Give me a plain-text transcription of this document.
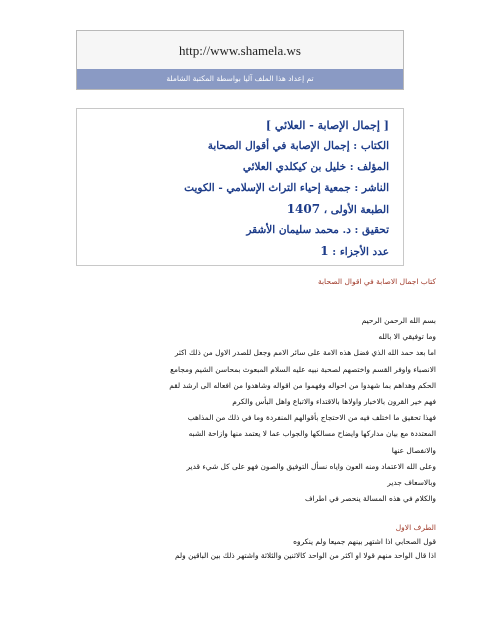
http://www.shamela.ws
تم إعداد هذا الملف آليا بواسطة المكتبة الشاملة
[ إجمال الإصابة - العلائي ]
الكتاب : إجمال الإصابة في أقوال الصحابة
المؤلف : خليل بن كيكلدي العلائي
الناشر : جمعية إحياء التراث الإسلامي - الكويت
الطبعة الأولى ، 1407
تحقيق : د. محمد سليمان الأشقر
عدد الأجزاء : 1
كتاب اجمال الاصابة في اقوال الصحابة
بسم الله الرحمن الرحيم
وما توفيقي الا بالله
اما بعد حمد الله الذي فضل هذه الامة على سائر الامم وجعل للصدر الاول من ذلك اكثر
الانصباء واوفر القسم واختصهم لصحبة نبيه عليه السلام المبعوث بمحاسن الشيم ومجامع
الحكم وهداهم بما شهدوا من احواله وفهموا من اقواله وشاهدوا من افعاله الى ارشد لقم
فهم خير القرون بالاخبار واولاها بالاقتداء والاتباع واهل البأس والكرم
فهذا تحقيق ما اختلف فيه من الاحتجاج بأقوالهم المنفردة وما في ذلك من المذاهب
المعتددة مع بيان مداركها وايضاح مسالكها والجواب عما لا يعتمد منها وازاحة الشبه
والانفصال عنها
وعلى الله الاعتماد ومنه العون واياه نسأل التوفيق والصون فهو على كل شيء قدير
وبالاسعاف جدير
والكلام في هذه المسالة ينحصر في اطراف
الطرف الاول
قول الصحابي اذا اشتهر بينهم جميعا ولم ينكروه
اذا قال الواحد منهم قولا او اكثر من الواحد كالاثنين والثلاثة واشتهر ذلك بين الباقين ولم
